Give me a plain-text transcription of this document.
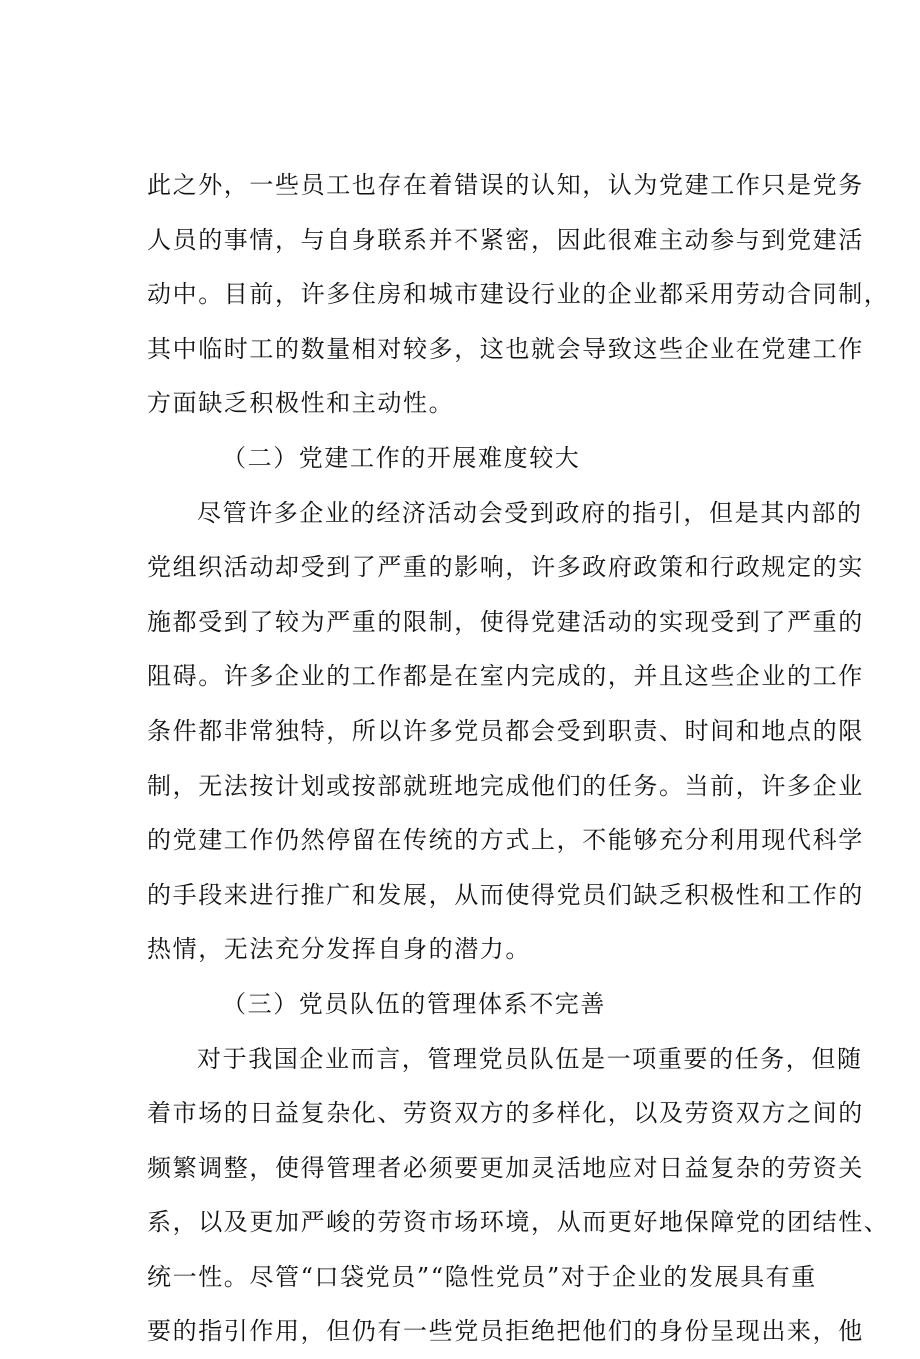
此之外，一些员工也存在着错误的认知，认为党建工作只是党务
人员的事情，与自身联系并不紧密，因此很难主动参与到党建活
动中。目前，许多住房和城市建设行业的企业都采用劳动合同制，
其中临时工的数量相对较多，这也就会导致这些企业在党建工作
方面缺乏积极性和主动性。
（二）党建工作的开展难度较大
尽管许多企业的经济活动会受到政府的指引，但是其内部的
党组织活动却受到了严重的影响，许多政府政策和行政规定的实
施都受到了较为严重的限制，使得党建活动的实现受到了严重的
阻碍。许多企业的工作都是在室内完成的，并且这些企业的工作
条件都非常独特，所以许多党员都会受到职责、时间和地点的限
制，无法按计划或按部就班地完成他们的任务。当前，许多企业
的党建工作仍然停留在传统的方式上，不能够充分利用现代科学
的手段来进行推广和发展，从而使得党员们缺乏积极性和工作的
热情，无法充分发挥自身的潜力。
（三）党员队伍的管理体系不完善
对于我国企业而言，管理党员队伍是一项重要的任务，但随
着市场的日益复杂化、劳资双方的多样化，以及劳资双方之间的
频繁调整，使得管理者必须要更加灵活地应对日益复杂的劳资关
系，以及更加严峻的劳资市场环境，从而更好地保障党的团结性、
统一性。尽管“口袋党员”“隐性党员”对于企业的发展具有重
要的指引作用，但仍有一些党员拒绝把他们的身份呈现出来，他
